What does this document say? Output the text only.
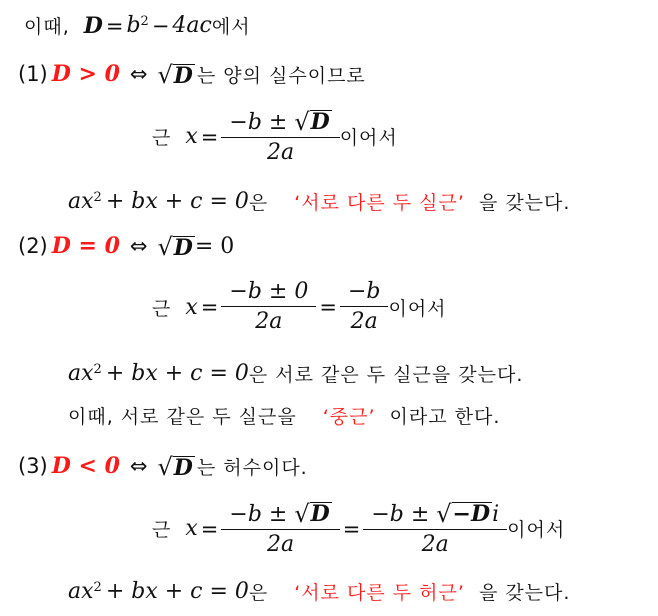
이때, $D = b^2 - 4ac$ 에서
(1) D > 0 ⇔ √ D 는 양의 실수이므로
근 $x = \frac{-b \pm √ D}{2a}$ 이어서
$ax^2$ + bx + c = 0 은 ‘서로 다른 두 실근’ 을 갖는다.
(2) D = 0 ⇔ √ D = 0
근 $x = \frac{-b \pm 0}{2a} = \frac{-b}{2a}$ 이어서
$ax^2$ + bx + c = 0 은 서로 같은 두 실근을 갖는다.
이때, 서로 같은 두 실근을 ‘중근’ 이라고 한다.
(3) D < 0 ⇔ √ D 는 허수이다.
근 $x = \frac{-b \pm √ D}{2a} = \frac{\text{−b ± √ −D i}}{2a}$ 이어서
$ax^2$ + bx + c = 0 은 ‘서로 다른 두 허근’ 을 갖는다.
